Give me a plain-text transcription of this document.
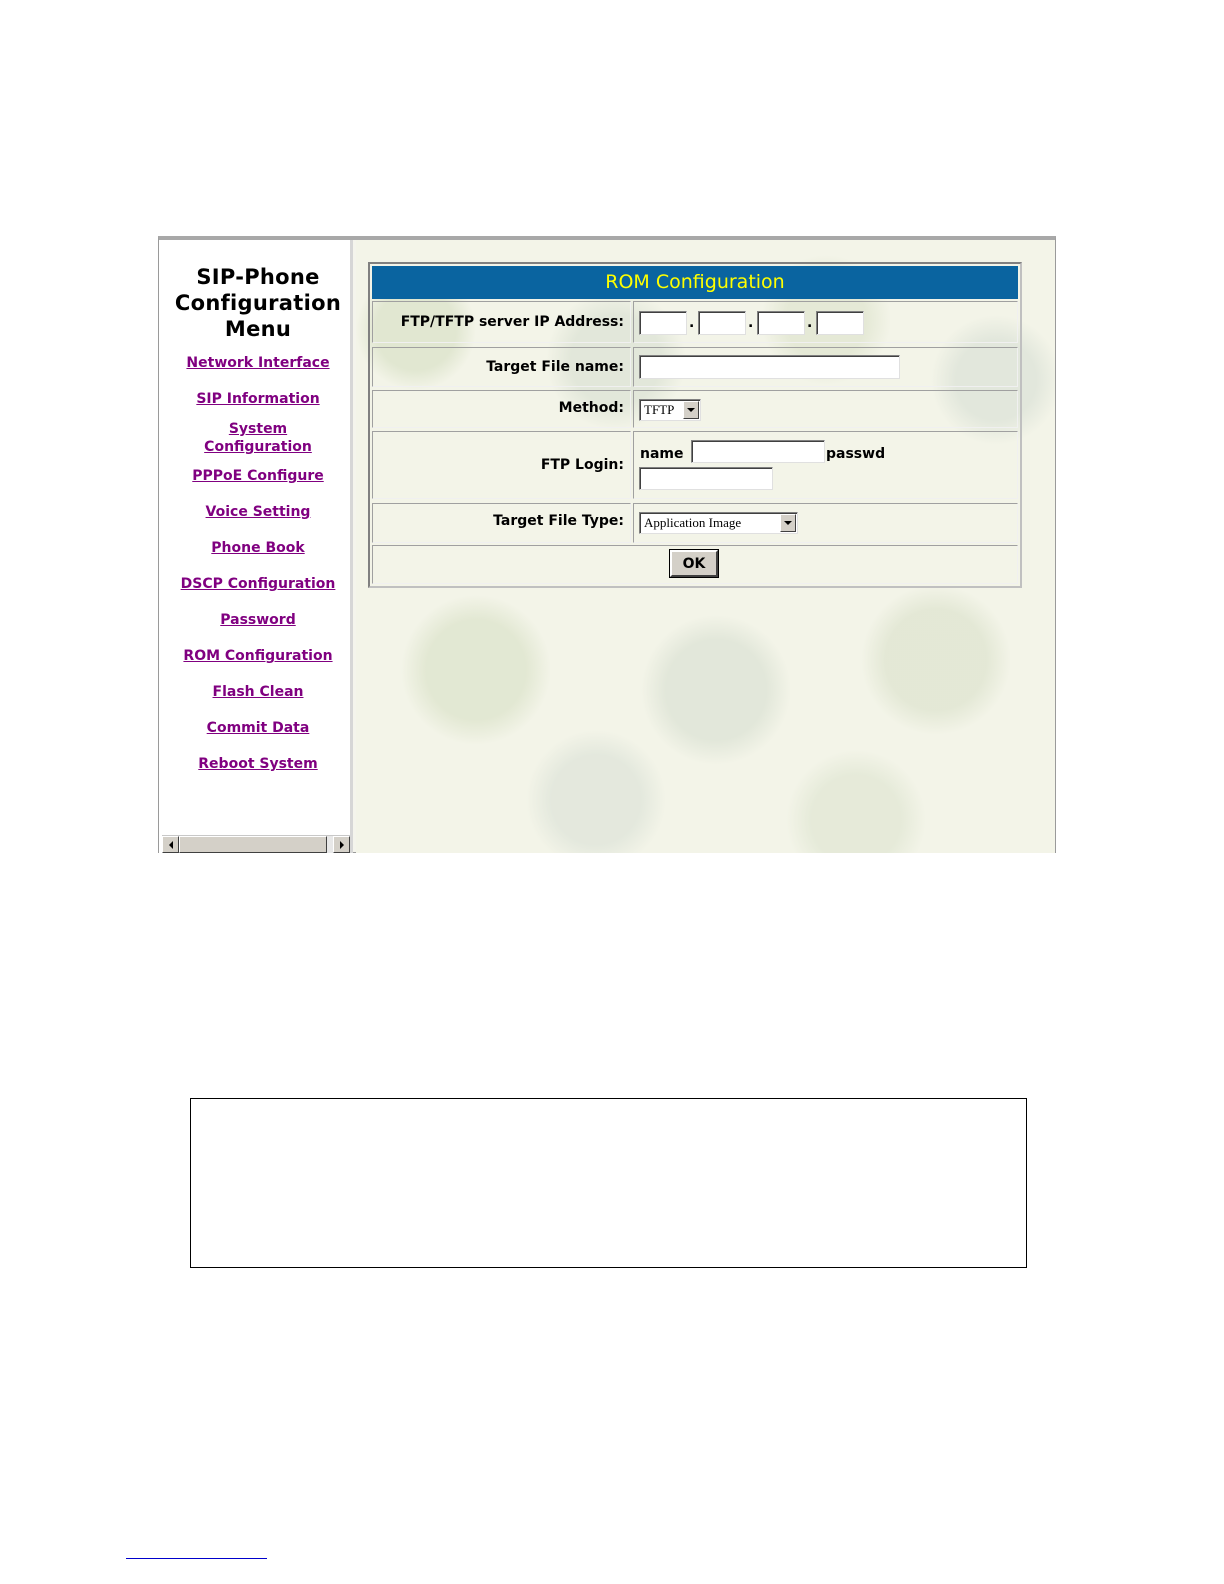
SIP-Phone
Configuration
Menu
Network Interface
SIP Information
System
Configuration
PPPoE Configure
Voice Setting
Phone Book
DSCP Configuration
Password
ROM Configuration
Flash Clean
Commit Data
Reboot System
ROM Configuration
FTP/TFTP server IP Address:	.	.	.
Target File name:
Method:	TFTP
FTP Login:
name	passwd
Target File Type:	Application Image
OK
